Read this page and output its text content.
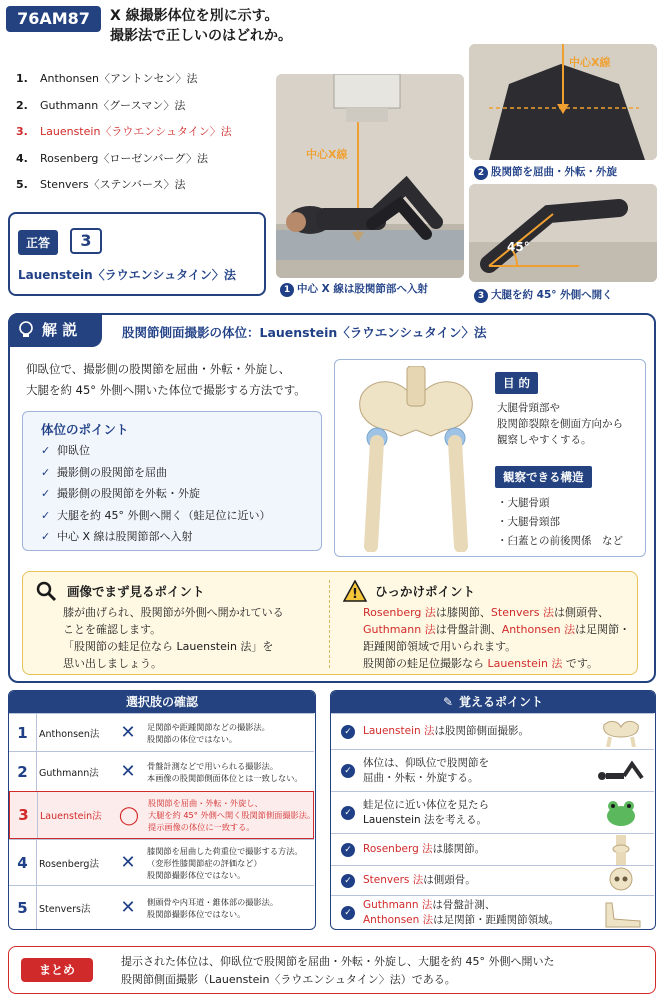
76AM87	X 線撮影体位を別に示す。
撮影法で正しいのはどれか。
1. Anthonsen〈アントンセン〉法
2. Guthmann〈グースマン〉法
3. Lauenstein〈ラウエンシュタイン〉法
4. Rosenberg〈ローゼンバーグ〉法
5. Stenvers〈ステンバース〉法
正答	3
Lauenstein〈ラウエンシュタイン〉法
中心X線
1 中心 X 線は股関節部へ入射
中心X線
2 股関節を屈曲・外転・外旋
45°
3 大腿を約 45° 外側へ開く
解 説	股関節側面撮影の体位：Lauenstein〈ラウエンシュタイン〉法
仰臥位で、撮影側の股関節を屈曲・外転・外旋し、
大腿を約 45° 外側へ開いた体位で撮影する方法です。
体位のポイント
✓ 仰臥位
✓ 撮影側の股関節を屈曲
✓ 撮影側の股関節を外転・外旋
✓ 大腿を約 45° 外側へ開く（蛙足位に近い）
✓ 中心 X 線は股関節部へ入射
目 的
大腿骨頸部や
股関節裂隙を側面方向から
観察しやすくする。
観察できる構造
・大腿骨頭
・大腿骨頸部
・臼蓋との前後関係　など
画像でまず見るポイント
膝が曲げられ、股関節が外側へ開かれている
ことを確認します。
「股関節の蛙足位なら Lauenstein 法」を
思い出しましょう。
! ひっかけポイント
Rosenberg 法は膝関節、Stenvers 法は側頭骨、
Guthmann 法は骨盤計測、Anthonsen 法は足関節・
距踵関節領域で用いられます。
股関節の蛙足位撮影なら Lauenstein 法 です。
選択肢の確認
1	Anthonsen法	✕	足関節や距踵関節などの撮影法。
股関節の体位ではない。
2	Guthmann法	✕	骨盤計測などで用いられる撮影法。
本画像の股関節側面体位とは一致しない。
3	Lauenstein法 ◯
股関節を屈曲・外転・外旋し、
大腿を約 45° 外側へ開く股関節側面撮影法。
提示画像の体位に一致する。
4	Rosenberg法	✕
膝関節を屈曲した荷重位で撮影する方法。
（変形性膝関節症の評価など）
股関節撮影体位ではない。
5	Stenvers法	✕	側頭骨や内耳道・錐体部の撮影法。
股関節撮影体位ではない。
✎ 覚えるポイント
✓	Lauenstein 法は股関節側面撮影。
✓
体位は、仰臥位で股関節を
屈曲・外転・外旋する。
✓
蛙足位に近い体位を見たら
Lauenstein 法を考える。
✓	Rosenberg 法は膝関節。
✓	Stenvers 法は側頭骨。
✓
Guthmann 法は骨盤計測、
Anthonsen 法は足関節・距踵関節領域。
まとめ
提示された体位は、仰臥位で股関節を屈曲・外転・外旋し、大腿を約 45° 外側へ開いた
股関節側面撮影（Lauenstein〈ラウエンシュタイン〉法）である。
